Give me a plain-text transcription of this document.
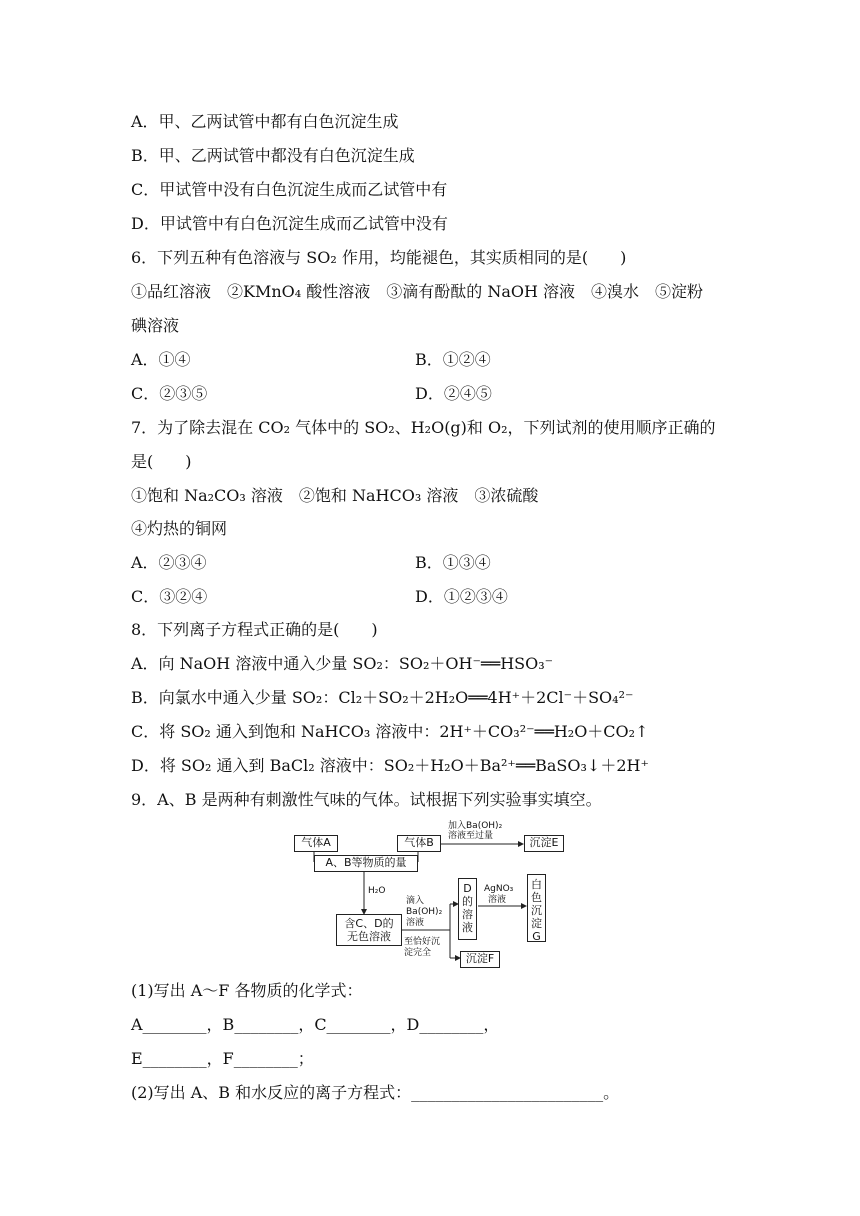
A．甲、乙两试管中都有白色沉淀生成
B．甲、乙两试管中都没有白色沉淀生成
C．甲试管中没有白色沉淀生成而乙试管中有
D．甲试管中有白色沉淀生成而乙试管中没有
6．下列五种有色溶液与 SO₂ 作用，均能褪色，其实质相同的是(　　)
①品红溶液　②KMnO₄ 酸性溶液　③滴有酚酞的 NaOH 溶液　④溴水　⑤淀粉
碘溶液
A．①④	B．①②④
C．②③⑤	D．②④⑤
7．为了除去混在 CO₂ 气体中的 SO₂、H₂O(g)和 O₂，下列试剂的使用顺序正确的
是(　　)
①饱和 Na₂CO₃ 溶液　②饱和 NaHCO₃ 溶液　③浓硫酸
④灼热的铜网
A．②③④	B．①③④
C．③②④	D．①②③④
8．下列离子方程式正确的是(　　)
A．向 NaOH 溶液中通入少量 SO₂：SO₂＋OH⁻══HSO₃⁻
B．向氯水中通入少量 SO₂：Cl₂＋SO₂＋2H₂O══4H⁺＋2Cl⁻＋SO₄²⁻
C．将 SO₂ 通入到饱和 NaHCO₃ 溶液中：2H⁺＋CO₃²⁻══H₂O＋CO₂↑
D．将 SO₂ 通入到 BaCl₂ 溶液中：SO₂＋H₂O＋Ba²⁺══BaSO₃↓＋2H⁺
9．A、B 是两种有刺激性气味的气体。试根据下列实验事实填空。
气体A	气体B
A、B等物质的量
加入Ba(OH)₂
溶液至过量	沉淀E
H₂O
含C、D的
无色溶液
滴入
Ba(OH)₂
溶液
至恰好沉
淀完全
D的溶液
AgNO₃
溶液
白色沉淀G
沉淀F
(1)写出 A～F 各物质的化学式：
A________，B________，C________，D________，
E________，F________；
(2)写出 A、B 和水反应的离子方程式：________________________。
